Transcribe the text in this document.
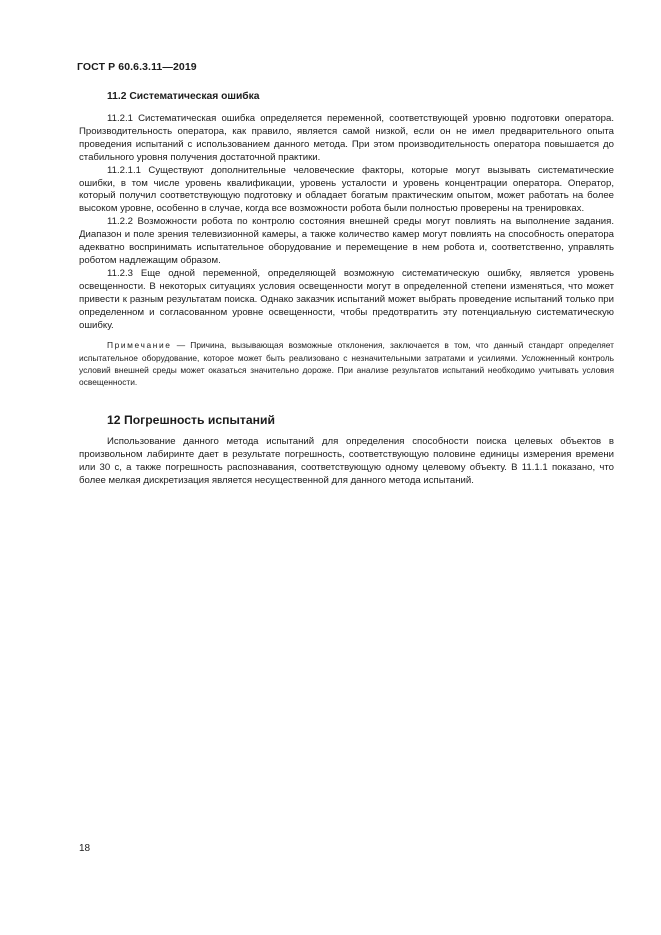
ГОСТ Р 60.6.3.11—2019
11.2 Систематическая ошибка

11.2.1 Систематическая ошибка определяется переменной, соответствующей уровню подготовки оператора. Производительность оператора, как правило, является самой низкой, если он не имел предварительного опыта проведения испытаний с использованием данного метода. При этом производительность оператора повышается до стабильного уровня получения достаточной практики.

11.2.1.1 Существуют дополнительные человеческие факторы, которые могут вызывать систематические ошибки, в том числе уровень квалификации, уровень усталости и уровень концентрации оператора. Оператор, который получил соответствующую подготовку и обладает богатым практическим опытом, может работать на более высоком уровне, особенно в случае, когда все возможности робота были полностью проверены на тренировках.

11.2.2 Возможности робота по контролю состояния внешней среды могут повлиять на выполнение задания. Диапазон и поле зрения телевизионной камеры, а также количество камер могут повлиять на способность оператора адекватно воспринимать испытательное оборудование и перемещение в нем робота и, соответственно, управлять роботом надлежащим образом.

11.2.3 Еще одной переменной, определяющей возможную систематическую ошибку, является уровень освещенности. В некоторых ситуациях условия освещенности могут в определенной степени изменяться, что может привести к разным результатам поиска. Однако заказчик испытаний может выбрать проведение испытаний только при определенном и согласованном уровне освещенности, чтобы предотвратить эту потенциальную систематическую ошибку.

Примечание — Причина, вызывающая возможные отклонения, заключается в том, что данный стандарт определяет испытательное оборудование, которое может быть реализовано с незначительными затратами и усилиями. Усложненный контроль условий внешней среды может оказаться значительно дороже. При анализе результатов испытаний необходимо учитывать условия освещенности.

12 Погрешность испытаний

Использование данного метода испытаний для определения способности поиска целевых объектов в произвольном лабиринте дает в результате погрешность, соответствующую половине единицы измерения времени или 30 с, а также погрешность распознавания, соответствующую одному целевому объекту. В 11.1.1 показано, что более мелкая дискретизация является несущественной для данного метода испытаний.

18
